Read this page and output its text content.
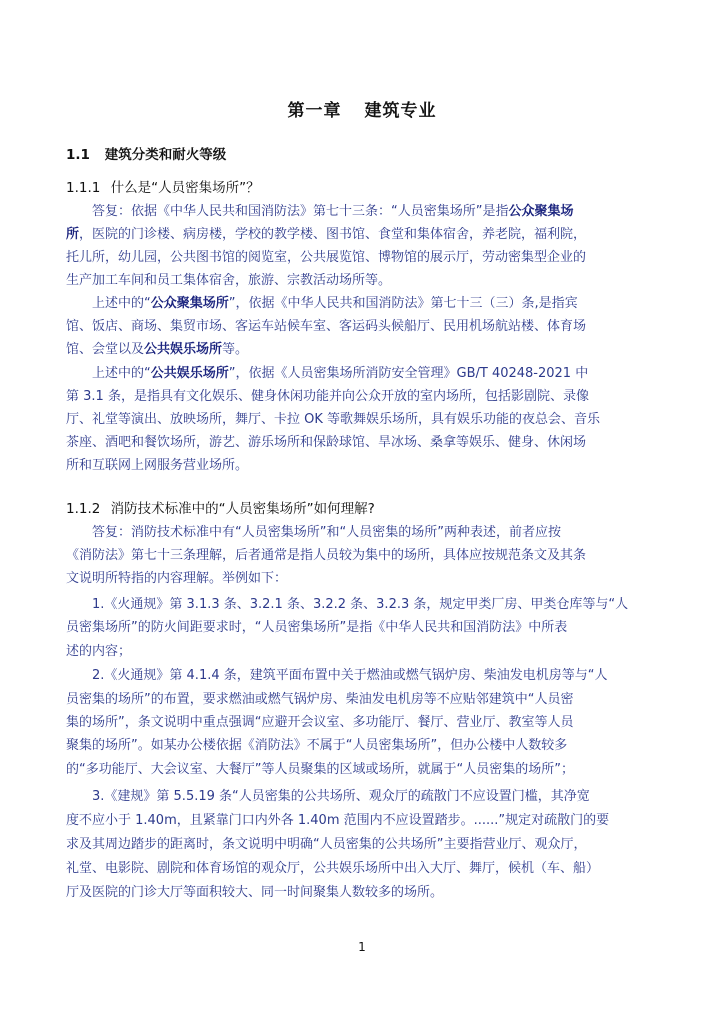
第一章 建筑专业
1.1 建筑分类和耐火等级
1.1.1 什么是“人员密集场所”？
答复：依据《中华人民共和国消防法》第七十三条：“人员密集场所”是指公众聚集场
所，医院的门诊楼、病房楼，学校的教学楼、图书馆、食堂和集体宿舍，养老院，福利院，
托儿所，幼儿园，公共图书馆的阅览室，公共展览馆、博物馆的展示厅，劳动密集型企业的
生产加工车间和员工集体宿舍，旅游、宗教活动场所等。
上述中的“公众聚集场所”，依据《中华人民共和国消防法》第七十三（三）条,是指宾
馆、饭店、商场、集贸市场、客运车站候车室、客运码头候船厅、民用机场航站楼、体育场
馆、会堂以及公共娱乐场所等。
上述中的“公共娱乐场所”，依据《人员密集场所消防安全管理》GB/T 40248-2021 中
第 3.1 条，是指具有文化娱乐、健身休闲功能并向公众开放的室内场所，包括影剧院、录像
厅、礼堂等演出、放映场所，舞厅、卡拉 OK 等歌舞娱乐场所，具有娱乐功能的夜总会、音乐
茶座、酒吧和餐饮场所，游艺、游乐场所和保龄球馆、旱冰场、桑拿等娱乐、健身、休闲场
所和互联网上网服务营业场所。
1.1.2 消防技术标准中的“人员密集场所”如何理解?
答复：消防技术标准中有“人员密集场所”和“人员密集的场所”两种表述，前者应按
《消防法》第七十三条理解，后者通常是指人员较为集中的场所，具体应按规范条文及其条
文说明所特指的内容理解。举例如下：
1.《火通规》第 3.1.3 条、3.2.1 条、3.2.2 条、3.2.3 条，规定甲类厂房、甲类仓库等与“人
员密集场所”的防火间距要求时，“人员密集场所”是指《中华人民共和国消防法》中所表
述的内容；
2.《火通规》第 4.1.4 条，建筑平面布置中关于燃油或燃气锅炉房、柴油发电机房等与“人
员密集的场所”的布置，要求燃油或燃气锅炉房、柴油发电机房等不应贴邻建筑中“人员密
集的场所”，条文说明中重点强调“应避开会议室、多功能厅、餐厅、营业厅、教室等人员
聚集的场所”。如某办公楼依据《消防法》不属于“人员密集场所”，但办公楼中人数较多
的“多功能厅、大会议室、大餐厅”等人员聚集的区域或场所，就属于“人员密集的场所”；
3.《建规》第 5.5.19 条“人员密集的公共场所、观众厅的疏散门不应设置门槛，其净宽
度不应小于 1.40m，且紧靠门口内外各 1.40m 范围内不应设置踏步。......”规定对疏散门的要
求及其周边踏步的距离时，条文说明中明确“人员密集的公共场所”主要指营业厅、观众厅，
礼堂、电影院、剧院和体育场馆的观众厅，公共娱乐场所中出入大厅、舞厅，候机（车、船）
厅及医院的门诊大厅等面积较大、同一时间聚集人数较多的场所。
1
